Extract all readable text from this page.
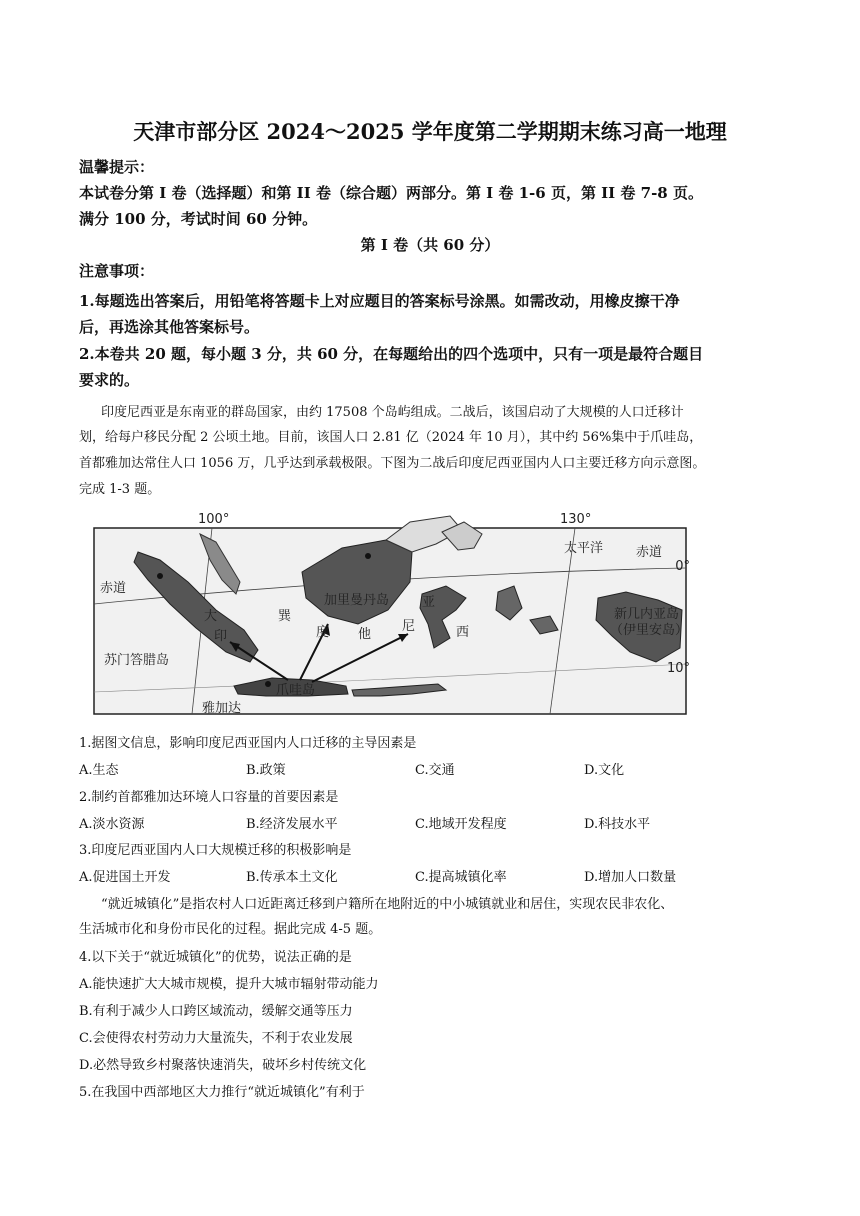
天津市部分区 2024～2025 学年度第二学期期末练习高一地理
温馨提示：
本试卷分第 I 卷（选择题）和第 II 卷（综合题）两部分。第 I 卷 1-6 页，第 II 卷 7-8 页。
满分 100 分，考试时间 60 分钟。
第 I 卷（共 60 分）
注意事项：
1.每题选出答案后，用铅笔将答题卡上对应题目的答案标号涂黑。如需改动，用橡皮擦干净
后，再选涂其他答案标号。
2.本卷共 20 题，每小题 3 分，共 60 分，在每题给出的四个选项中，只有一项是最符合题目
要求的。
印度尼西亚是东南亚的群岛国家，由约 17508 个岛屿组成。二战后，该国启动了大规模的人口迁移计
划，给每户移民分配 2 公顷土地。目前，该国人口 2.81 亿（2024 年 10 月），其中约 56%集中于爪哇岛，
首都雅加达常住人口 1056 万，几乎达到承载极限。下图为二战后印度尼西亚国内人口主要迁移方向示意图。
完成 1-3 题。
100°	130°
0°
10°
赤道
赤道
太平洋
苏门答腊岛
加里曼丹岛
雅加达
爪哇岛
新几内亚岛
（伊里安岛）
大
印	度	尼	西
亚
巽
他
1.据图文信息，影响印度尼西亚国内人口迁移的主导因素是
A.生态	B.政策	C.交通	D.文化
2.制约首都雅加达环境人口容量的首要因素是
A.淡水资源	B.经济发展水平	C.地域开发程度	D.科技水平
3.印度尼西亚国内人口大规模迁移的积极影响是
A.促进国土开发	B.传承本土文化	C.提高城镇化率	D.增加人口数量
“就近城镇化”是指农村人口近距离迁移到户籍所在地附近的中小城镇就业和居住，实现农民非农化、
生活城市化和身份市民化的过程。据此完成 4-5 题。
4.以下关于“就近城镇化”的优势，说法正确的是
A.能快速扩大大城市规模，提升大城市辐射带动能力
B.有利于减少人口跨区域流动，缓解交通等压力
C.会使得农村劳动力大量流失，不利于农业发展
D.必然导致乡村聚落快速消失，破坏乡村传统文化
5.在我国中西部地区大力推行“就近城镇化”有利于
